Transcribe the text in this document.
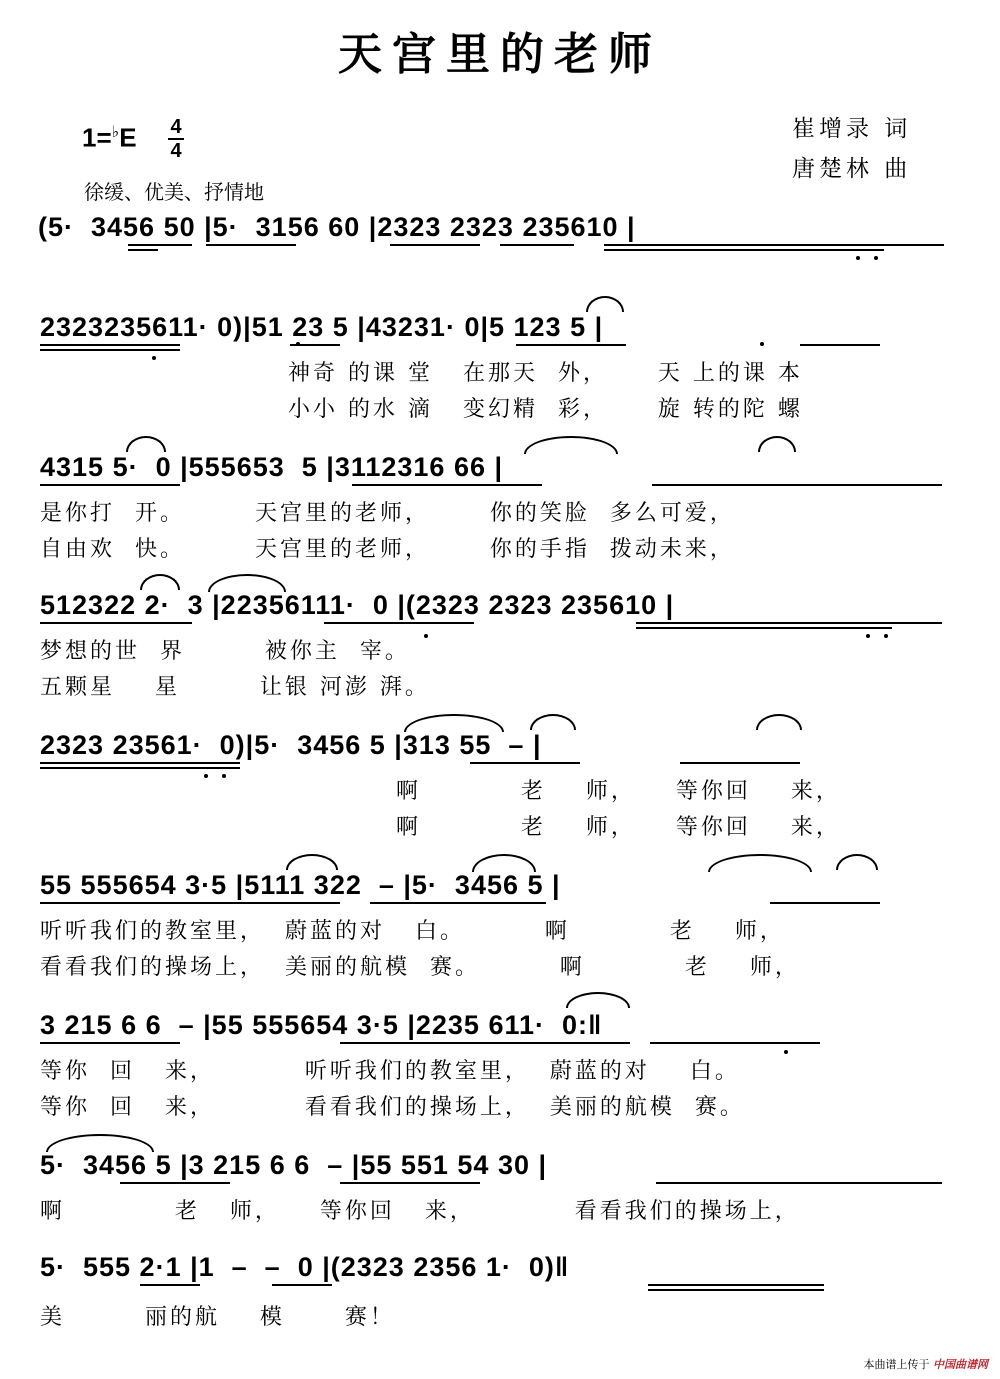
天宫里的老师
1=♭E 4
4
徐缓、优美、抒情地
崔增录 词
唐楚林 曲
(5·  3456 50 |5·  3156 60 |2323 2323 235610 |
2323235611· 0)|51 23 5 |43231· 0|5 123 5 |
神奇 的课 堂   在那天  外，     天 上的课 本
小小 的水 滴   变幻精  彩，     旋 转的陀 螺
4315 5·  0 |555653  5 |3112316 66 |
是你打  开。       天宫里的老师，      你的笑脸  多么可爱，
自由欢  快。       天宫里的老师，      你的手指  拨动未来，
512322 2·  3 |22356111·  0 |(2323 2323 235610 |
梦想的世  界        被你主  宰。
五颗星    星        让银 河澎 湃。
2323 23561·  0)|5·  3456 5 |313 55  – |
啊          老    师，    等你回    来，
啊          老    师，    等你回    来，
55 555654 3·5 |5111 322  – |5·  3456 5 |
听听我们的教室里，  蔚蓝的对   白。        啊          老    师，
看看我们的操场上，  美丽的航模  赛。        啊          老    师，
3 215 6 6  – |55 555654 3·5 |2235 611·  0:‖
等你  回   来，         听听我们的教室里，  蔚蓝的对    白。
等你  回   来，         看看我们的操场上，  美丽的航模  赛。
5·  3456 5 |3 215 6 6  – |55 551 54 30 |
啊           老   师，    等你回   来，          看看我们的操场上，
5·  555 2·1 |1  –  –  0 |(2323 2356 1·  0)‖
美        丽的航    模      赛！
本曲谱上传于 中国曲谱网
